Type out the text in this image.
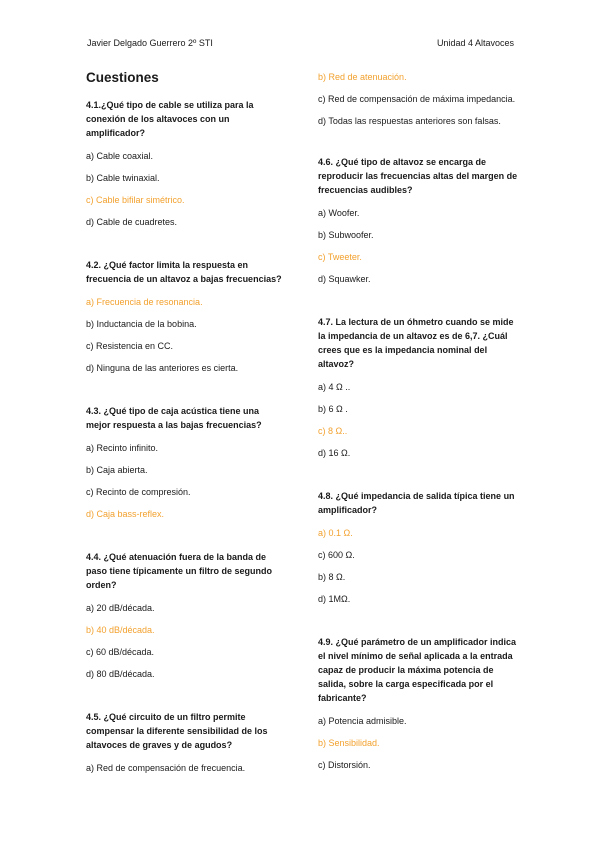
Javier Delgado Guerrero 2º STI	Unidad 4 Altavoces
Cuestiones
4.1.¿Qué tipo de cable se utiliza para la conexión de los altavoces con un amplificador?
a) Cable coaxial.
b) Cable twinaxial.
c) Cable bifilar simétrico.
d) Cable de cuadretes.
4.2. ¿Qué factor limita la respuesta en frecuencia de un altavoz a bajas frecuencias?
a) Frecuencia de resonancia.
b) Inductancia de la bobina.
c) Resistencia en CC.
d) Ninguna de las anteriores es cierta.
4.3. ¿Qué tipo de caja acústica tiene una mejor respuesta a las bajas frecuencias?
a) Recinto infinito.
b) Caja abierta.
c) Recinto de compresión.
d) Caja bass-reflex.
4.4. ¿Qué atenuación fuera de la banda de paso tiene típicamente un filtro de segundo orden?
a) 20 dB/década.
b) 40 dB/década.
c) 60 dB/década.
d) 80 dB/década.
4.5. ¿Qué circuito de un filtro permite compensar la diferente sensibilidad de los altavoces de graves y de agudos?
a) Red de compensación de frecuencia.
b) Red de atenuación.
c) Red de compensación de máxima impedancia.
d) Todas las respuestas anteriores son falsas.
4.6. ¿Qué tipo de altavoz se encarga de reproducir las frecuencias altas del margen de frecuencias audibles?
a) Woofer.
b) Subwoofer.
c) Tweeter.
d) Squawker.
4.7. La lectura de un óhmetro cuando se mide la impedancia de un altavoz es de 6,7. ¿Cuál crees que es la impedancia nominal del altavoz?
a) 4 Ω ..
b) 6 Ω .
c) 8 Ω..
d) 16 Ω.
4.8. ¿Qué impedancia de salida típica tiene un amplificador?
a) 0.1 Ω.
c) 600 Ω.
b) 8 Ω.
d) 1MΩ.
4.9. ¿Qué parámetro de un amplificador indica el nivel mínimo de señal aplicada a la entrada capaz de producir la máxima potencia de salida, sobre la carga especificada por el fabricante?
a) Potencia admisible.
b) Sensibilidad.
c) Distorsión.
